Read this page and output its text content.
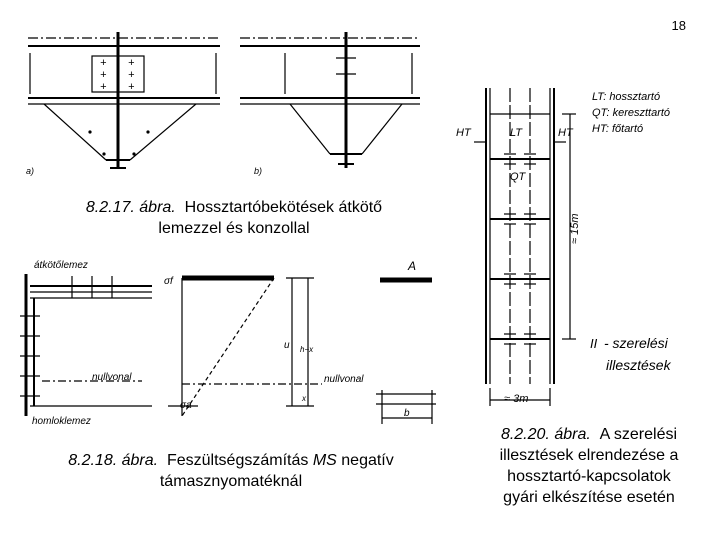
18
+ +
+ +
+ +
a)	b)
8.2.17. ábra. Hossztartóbekötések átkötő
lemezzel és konzollal
átkötőlemez
homloklemez
nullvonal	nullvonal
A
σf
σa
b
u h−x
x
8.2.18. ábra. Feszültségszámítás MS negatív
támasznyomatéknál
LT: hossztartó
QT: kereszttartó
HT: főtartó
HT	HT
LT
QT
≈ 15m
≈ 3m
II - szerelési
illesztések
8.2.20. ábra. A szerelési
illesztések elrendezése a
hossztartó-kapcsolatok
gyári elkészítése esetén
